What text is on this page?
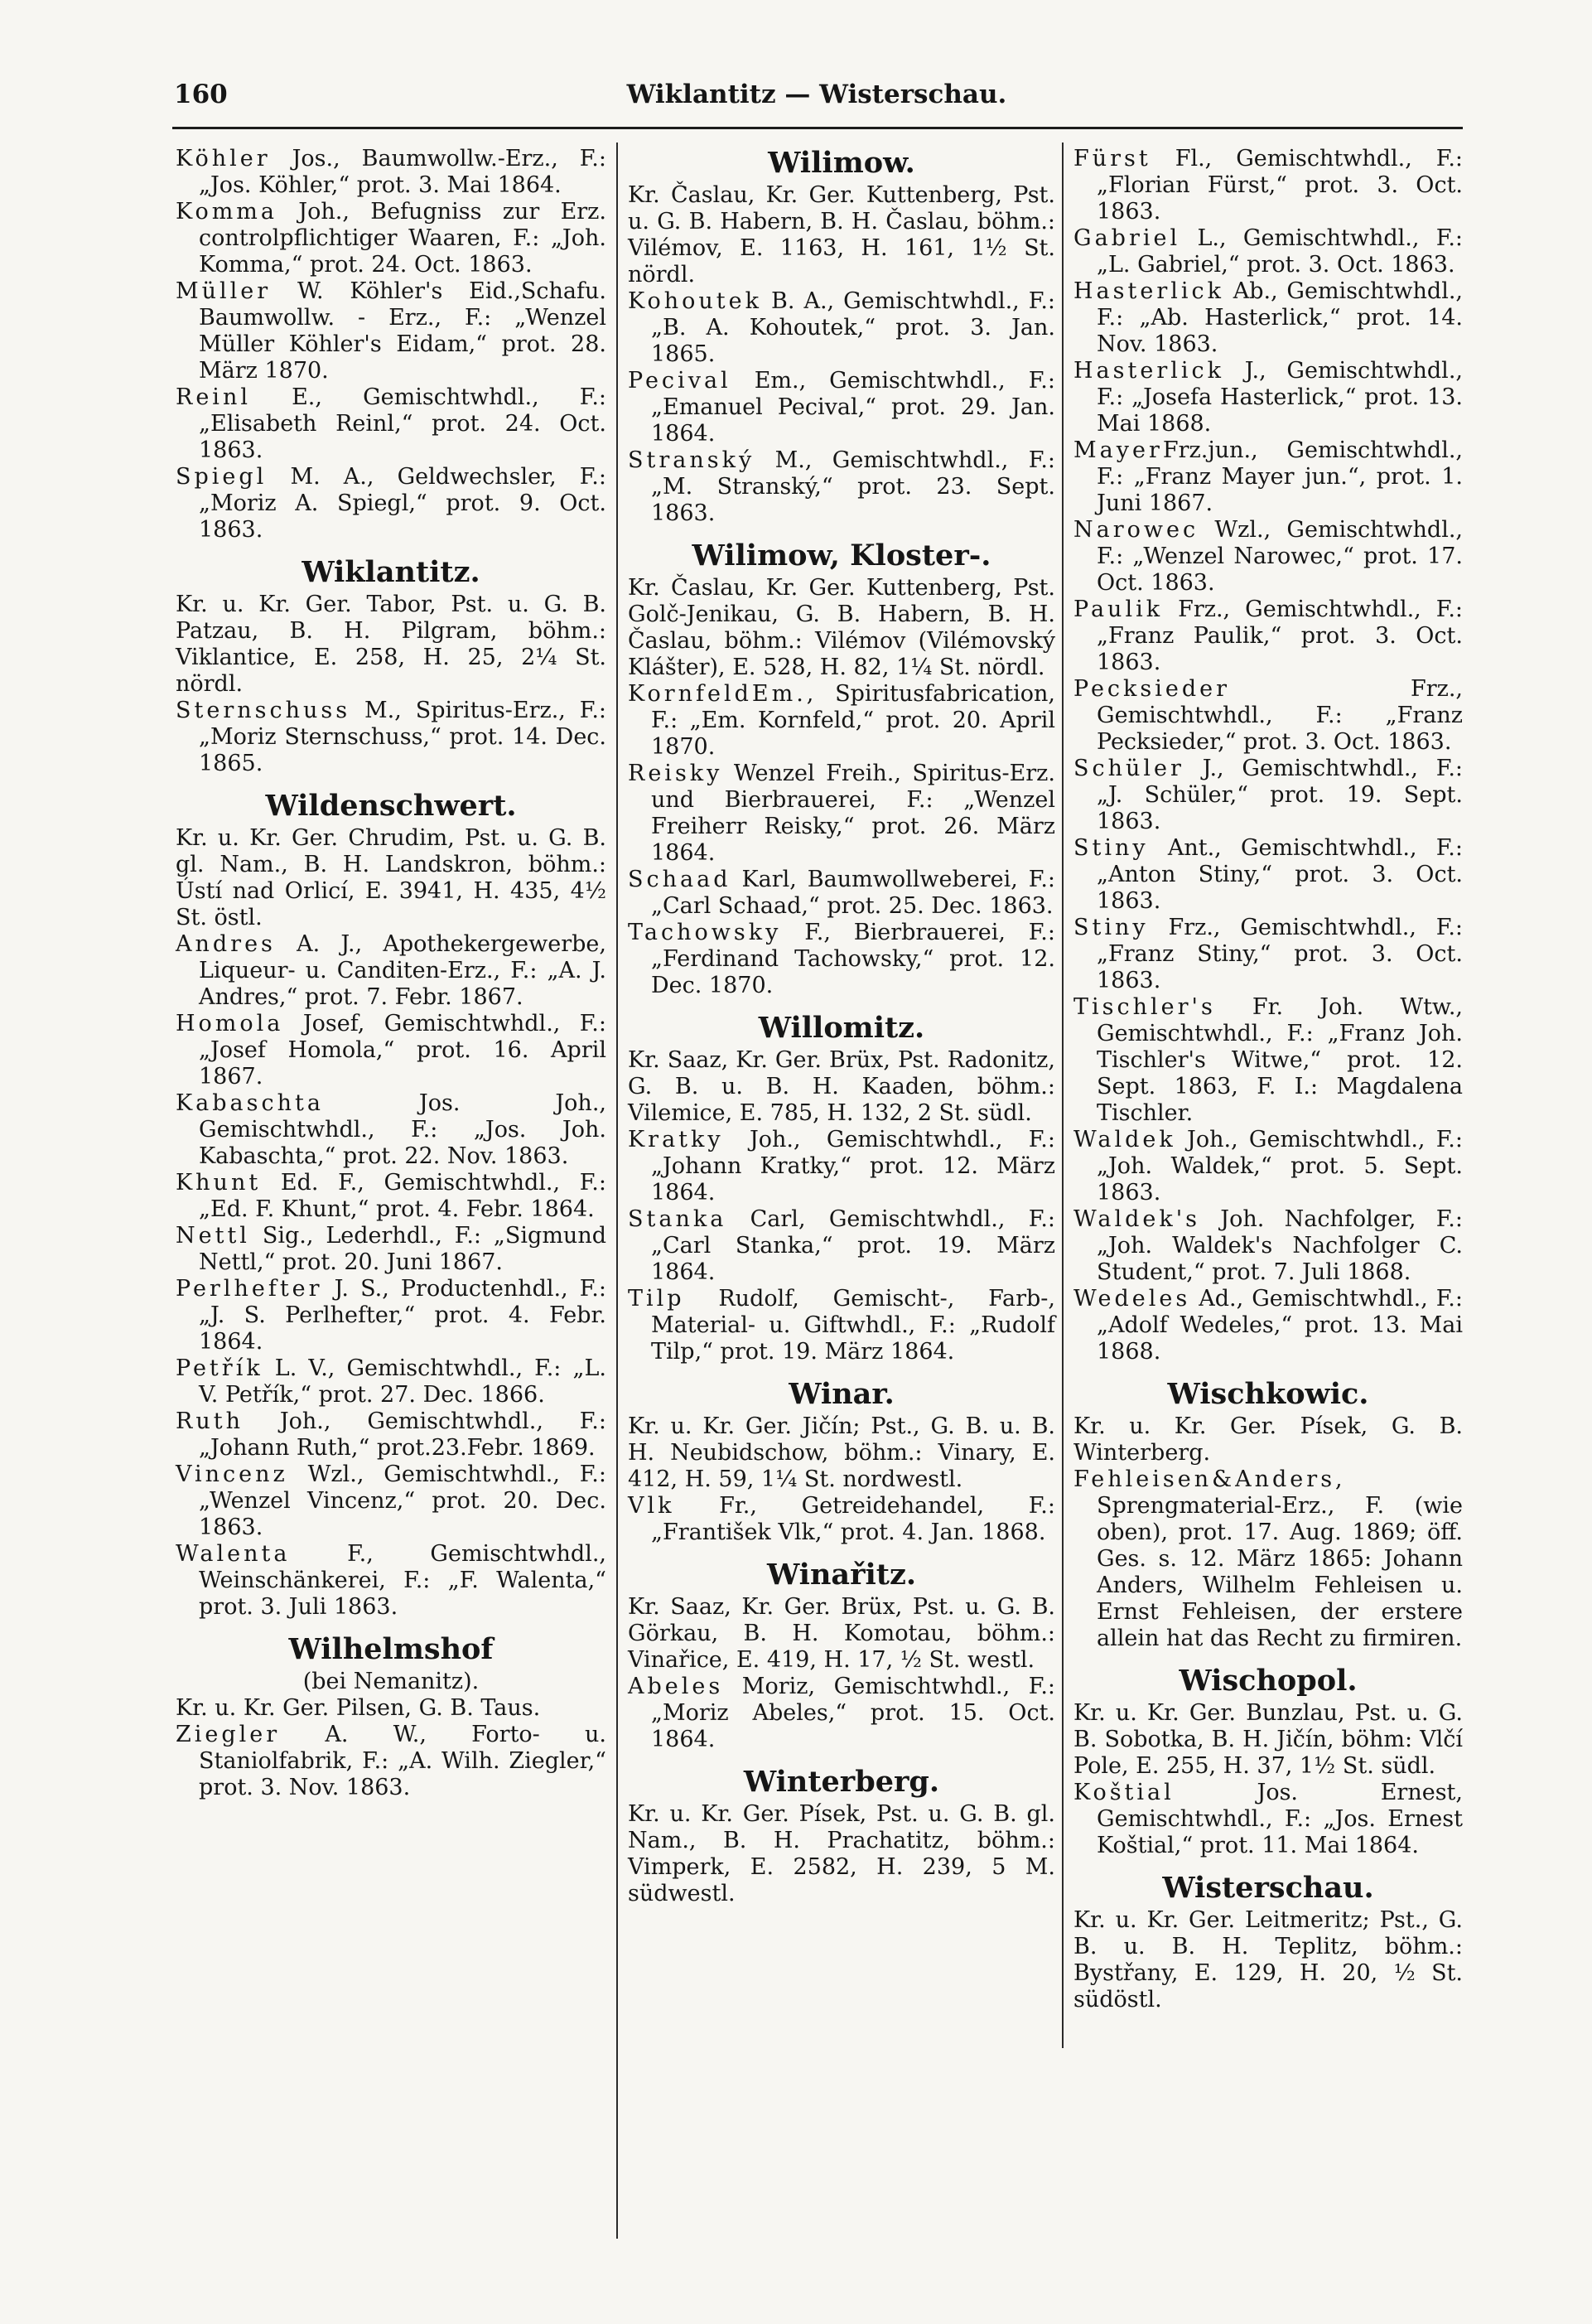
160	Wiklantitz — Wisterschau.

Köhler Jos., Baumwollw.-Erz., F.: „Jos. Köhler,“ prot. 3. Mai 1864.

Komma Joh., Befugniss zur Erz. controlpflichtiger Waaren, F.: „Joh. Komma,“ prot. 24. Oct. 1863.

Müller W. Köhler's Eid.,Schafu. Baumwollw. - Erz., F.: „Wenzel Müller Köhler's Eidam,“ prot. 28. März 1870.

Reinl E., Gemischtwhdl., F.: „Elisabeth Reinl,“ prot. 24. Oct. 1863.

Spiegl M. A., Geldwechsler, F.: „Moriz A. Spiegl,“ prot. 9. Oct. 1863.

Wiklantitz.

Kr. u. Kr. Ger. Tabor, Pst. u. G. B. Patzau, B. H. Pilgram, böhm.: Viklantice, E. 258, H. 25, 2¼ St. nördl.

Sternschuss M., Spiritus-Erz., F.: „Moriz Sternschuss,“ prot. 14. Dec. 1865.

Wildenschwert.

Kr. u. Kr. Ger. Chrudim, Pst. u. G. B. gl. Nam., B. H. Landskron, böhm.: Ústí nad Orlicí, E. 3941, H. 435, 4½ St. östl.

Andres A. J., Apothekergewerbe, Liqueur- u. Canditen-Erz., F.: „A. J. Andres,“ prot. 7. Febr. 1867.

Homola Josef, Gemischtwhdl., F.: „Josef Homola,“ prot. 16. April 1867.

Kabaschta Jos. Joh., Gemischtwhdl., F.: „Jos. Joh. Kabaschta,“ prot. 22. Nov. 1863.

Khunt Ed. F., Gemischtwhdl., F.: „Ed. F. Khunt,“ prot. 4. Febr. 1864.

Nettl Sig., Lederhdl., F.: „Sigmund Nettl,“ prot. 20. Juni 1867.

Perlhefter J. S., Productenhdl., F.: „J. S. Perlhefter,“ prot. 4. Febr. 1864.

Petřík L. V., Gemischtwhdl., F.: „L. V. Petřík,“ prot. 27. Dec. 1866.

Ruth Joh., Gemischtwhdl., F.: „Johann Ruth,“ prot.23.Febr. 1869.

Vincenz Wzl., Gemischtwhdl., F.: „Wenzel Vincenz,“ prot. 20. Dec. 1863.

Walenta F., Gemischtwhdl., Weinschänkerei, F.: „F. Walenta,“ prot. 3. Juli 1863.

Wilhelmshof

(bei Nemanitz).

Kr. u. Kr. Ger. Pilsen, G. B. Taus.

Ziegler A. W., Forto- u. Staniolfabrik, F.: „A. Wilh. Ziegler,“ prot. 3. Nov. 1863.

Wilimow.

Kr. Časlau, Kr. Ger. Kuttenberg, Pst. u. G. B. Habern, B. H. Časlau, böhm.: Vilémov, E. 1163, H. 161, 1½ St. nördl.

Kohoutek B. A., Gemischtwhdl., F.: „B. A. Kohoutek,“ prot. 3. Jan. 1865.

Pecival Em., Gemischtwhdl., F.: „Emanuel Pecival,“ prot. 29. Jan. 1864.

Stranský M., Gemischtwhdl., F.: „M. Stranský,“ prot. 23. Sept. 1863.

Wilimow, Kloster-.

Kr. Časlau, Kr. Ger. Kuttenberg, Pst. Golč-Jenikau, G. B. Habern, B. H. Časlau, böhm.: Vilémov (Vilémovský Klášter), E. 528, H. 82, 1¼ St. nördl.

KornfeldEm., Spiritusfabrication, F.: „Em. Kornfeld,“ prot. 20. April 1870.

Reisky Wenzel Freih., Spiritus-Erz. und Bierbrauerei, F.: „Wenzel Freiherr Reisky,“ prot. 26. März 1864.

Schaad Karl, Baumwollweberei, F.: „Carl Schaad,“ prot. 25. Dec. 1863.

Tachowsky F., Bierbrauerei, F.: „Ferdinand Tachowsky,“ prot. 12. Dec. 1870.

Willomitz.

Kr. Saaz, Kr. Ger. Brüx, Pst. Radonitz, G. B. u. B. H. Kaaden, böhm.: Vilemice, E. 785, H. 132, 2 St. südl.

Kratky Joh., Gemischtwhdl., F.: „Johann Kratky,“ prot. 12. März 1864.

Stanka Carl, Gemischtwhdl., F.: „Carl Stanka,“ prot. 19. März 1864.

Tilp Rudolf, Gemischt-, Farb-, Material- u. Giftwhdl., F.: „Rudolf Tilp,“ prot. 19. März 1864.

Winar.

Kr. u. Kr. Ger. Jičín; Pst., G. B. u. B. H. Neubidschow, böhm.: Vinary, E. 412, H. 59, 1¼ St. nordwestl.

Vlk Fr., Getreidehandel, F.: „František Vlk,“ prot. 4. Jan. 1868.

Winařitz.

Kr. Saaz, Kr. Ger. Brüx, Pst. u. G. B. Görkau, B. H. Komotau, böhm.: Vinařice, E. 419, H. 17, ½ St. westl.

Abeles Moriz, Gemischtwhdl., F.: „Moriz Abeles,“ prot. 15. Oct. 1864.

Winterberg.

Kr. u. Kr. Ger. Písek, Pst. u. G. B. gl. Nam., B. H. Prachatitz, böhm.: Vimperk, E. 2582, H. 239, 5 M. südwestl.

Fürst Fl., Gemischtwhdl., F.: „Florian Fürst,“ prot. 3. Oct. 1863.

Gabriel L., Gemischtwhdl., F.: „L. Gabriel,“ prot. 3. Oct. 1863.

Hasterlick Ab., Gemischtwhdl., F.: „Ab. Hasterlick,“ prot. 14. Nov. 1863.

Hasterlick J., Gemischtwhdl., F.: „Josefa Hasterlick,“ prot. 13. Mai 1868.

MayerFrz.jun., Gemischtwhdl., F.: „Franz Mayer jun.“, prot. 1. Juni 1867.

Narowec Wzl., Gemischtwhdl., F.: „Wenzel Narowec,“ prot. 17. Oct. 1863.

Paulik Frz., Gemischtwhdl., F.: „Franz Paulik,“ prot. 3. Oct. 1863.

Pecksieder Frz., Gemischtwhdl., F.: „Franz Pecksieder,“ prot. 3. Oct. 1863.

Schüler J., Gemischtwhdl., F.: „J. Schüler,“ prot. 19. Sept. 1863.

Stiny Ant., Gemischtwhdl., F.: „Anton Stiny,“ prot. 3. Oct. 1863.

Stiny Frz., Gemischtwhdl., F.: „Franz Stiny,“ prot. 3. Oct. 1863.

Tischler's Fr. Joh. Wtw., Gemischtwhdl., F.: „Franz Joh. Tischler's Witwe,“ prot. 12. Sept. 1863, F. I.: Magdalena Tischler.

Waldek Joh., Gemischtwhdl., F.: „Joh. Waldek,“ prot. 5. Sept. 1863.

Waldek's Joh. Nachfolger, F.: „Joh. Waldek's Nachfolger C. Student,“ prot. 7. Juli 1868.

Wedeles Ad., Gemischtwhdl., F.: „Adolf Wedeles,“ prot. 13. Mai 1868.

Wischkowic.

Kr. u. Kr. Ger. Písek, G. B. Winterberg.

Fehleisen&Anders, Sprengmaterial-Erz., F. (wie oben), prot. 17. Aug. 1869; öff. Ges. s. 12. März 1865: Johann Anders, Wilhelm Fehleisen u. Ernst Fehleisen, der erstere allein hat das Recht zu firmiren.

Wischopol.

Kr. u. Kr. Ger. Bunzlau, Pst. u. G. B. Sobotka, B. H. Jičín, böhm: Vlčí Pole, E. 255, H. 37, 1½ St. südl.

Koštial Jos. Ernest, Gemischtwhdl., F.: „Jos. Ernest Koštial,“ prot. 11. Mai 1864.

Wisterschau.

Kr. u. Kr. Ger. Leitmeritz; Pst., G. B. u. B. H. Teplitz, böhm.: Bystřany, E. 129, H. 20, ½ St. südöstl.
